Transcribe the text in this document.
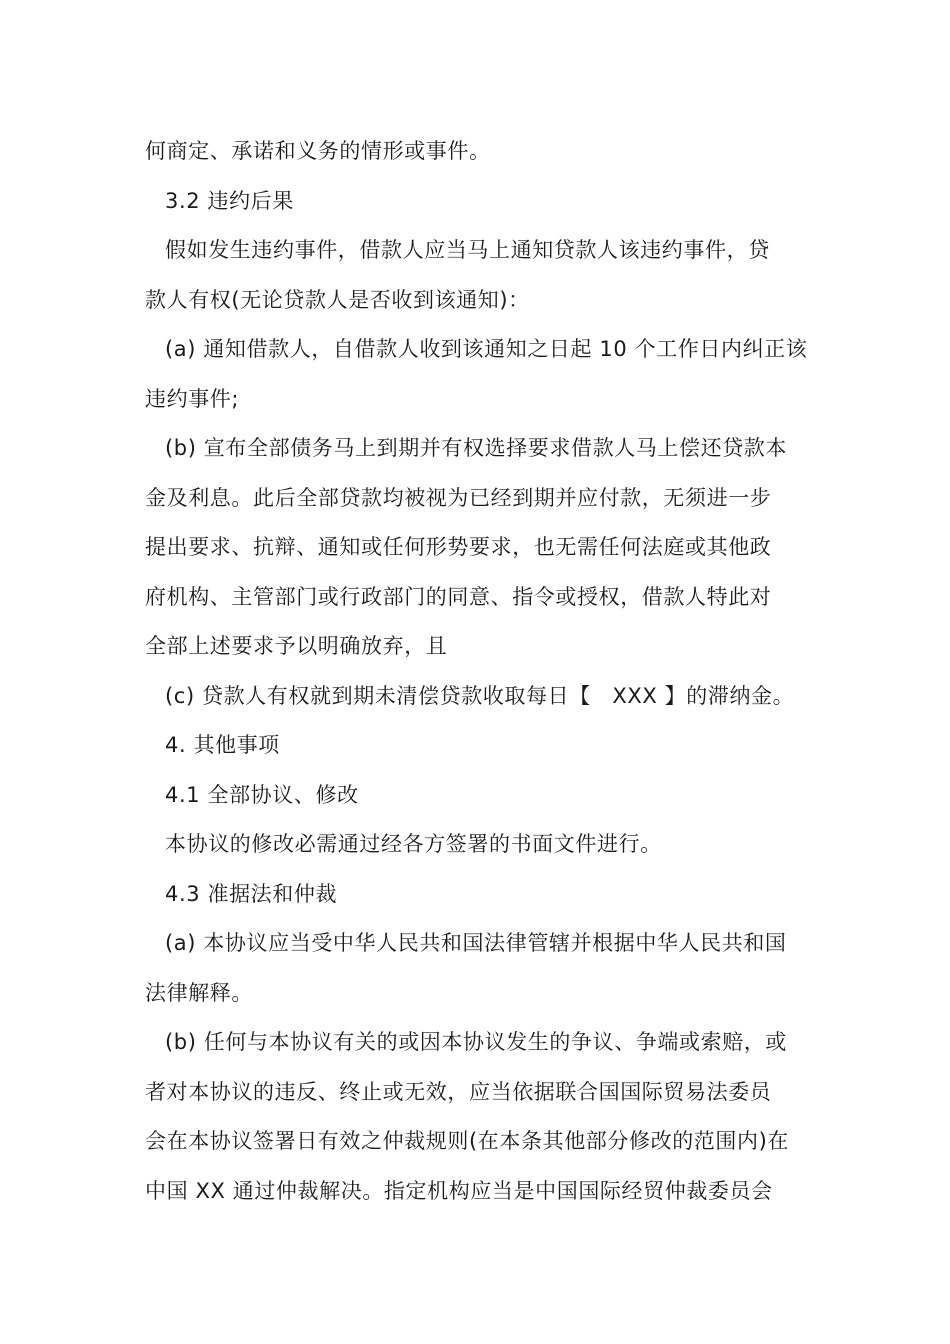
何商定、承诺和义务的情形或事件。
3.2 违约后果
假如发生违约事件，借款人应当马上通知贷款人该违约事件，贷
款人有权(无论贷款人是否收到该通知)：
(a) 通知借款人，自借款人收到该通知之日起 10 个工作日内纠正该
违约事件;
(b) 宣布全部债务马上到期并有权选择要求借款人马上偿还贷款本
金及利息。此后全部贷款均被视为已经到期并应付款，无须进一步
提出要求、抗辩、通知或任何形势要求，也无需任何法庭或其他政
府机构、主管部门或行政部门的同意、指令或授权，借款人特此对
全部上述要求予以明确放弃，且
(c) 贷款人有权就到期未清偿贷款收取每日【　XXX 】的滞纳金。
4. 其他事项
4.1 全部协议、修改
本协议的修改必需通过经各方签署的书面文件进行。
4.3 准据法和仲裁
(a) 本协议应当受中华人民共和国法律管辖并根据中华人民共和国
法律解释。
(b) 任何与本协议有关的或因本协议发生的争议、争端或索赔，或
者对本协议的违反、终止或无效，应当依据联合国国际贸易法委员
会在本协议签署日有效之仲裁规则(在本条其他部分修改的范围内)在
中国 XX 通过仲裁解决。指定机构应当是中国国际经贸仲裁委员会
